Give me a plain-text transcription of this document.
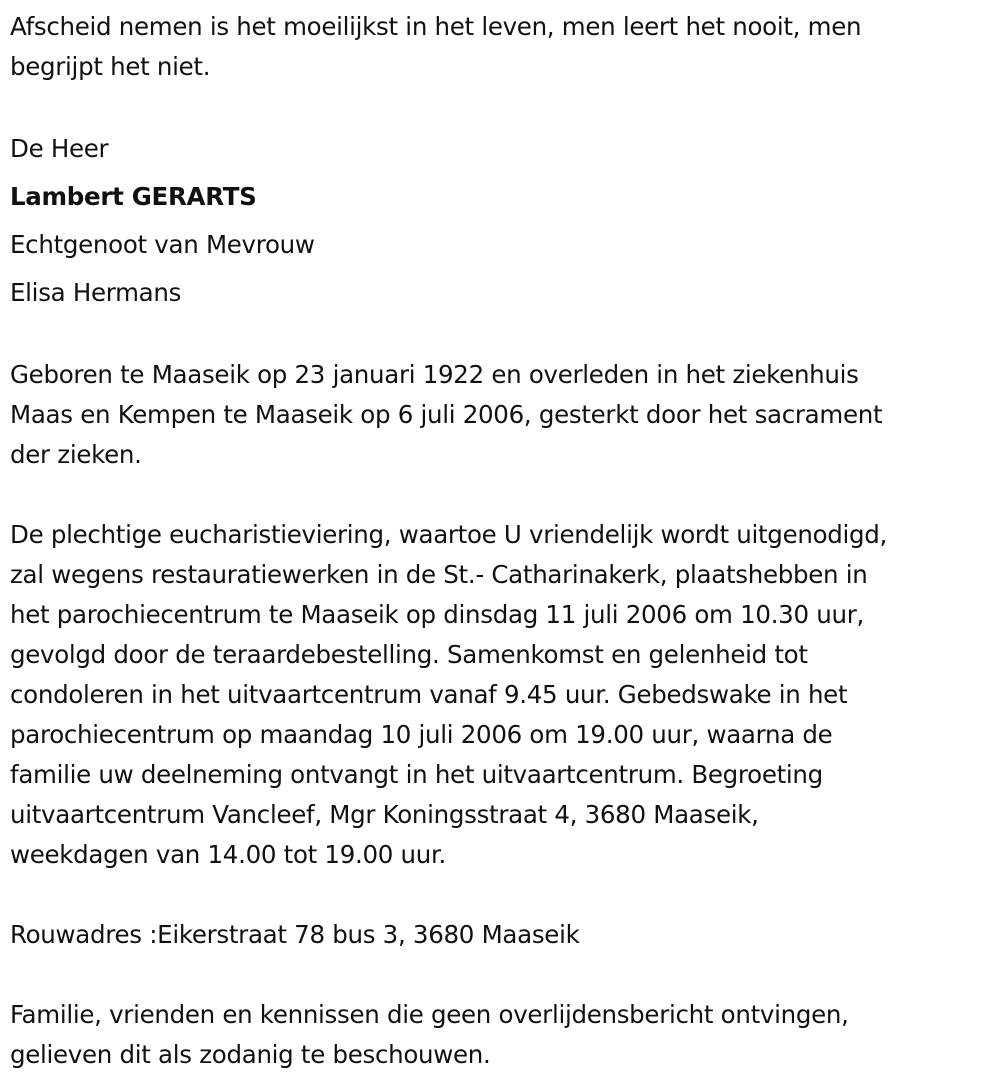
Afscheid nemen is het moeilijkst in het leven, men leert het nooit, men
begrijpt het niet.
De Heer
Lambert GERARTS
Echtgenoot van Mevrouw
Elisa Hermans
Geboren te Maaseik op 23 januari 1922 en overleden in het ziekenhuis
Maas en Kempen te Maaseik op 6 juli 2006, gesterkt door het sacrament
der zieken.
De plechtige eucharistieviering, waartoe U vriendelijk wordt uitgenodigd,
zal wegens restauratiewerken in de St.- Catharinakerk, plaatshebben in
het parochiecentrum te Maaseik op dinsdag 11 juli 2006 om 10.30 uur,
gevolgd door de teraardebestelling. Samenkomst en gelenheid tot
condoleren in het uitvaartcentrum vanaf 9.45 uur. Gebedswake in het
parochiecentrum op maandag 10 juli 2006 om 19.00 uur, waarna de
familie uw deelneming ontvangt in het uitvaartcentrum. Begroeting
uitvaartcentrum Vancleef, Mgr Koningsstraat 4, 3680 Maaseik,
weekdagen van 14.00 tot 19.00 uur.
Rouwadres :Eikerstraat 78 bus 3, 3680 Maaseik
Familie, vrienden en kennissen die geen overlijdensbericht ontvingen,
gelieven dit als zodanig te beschouwen.
